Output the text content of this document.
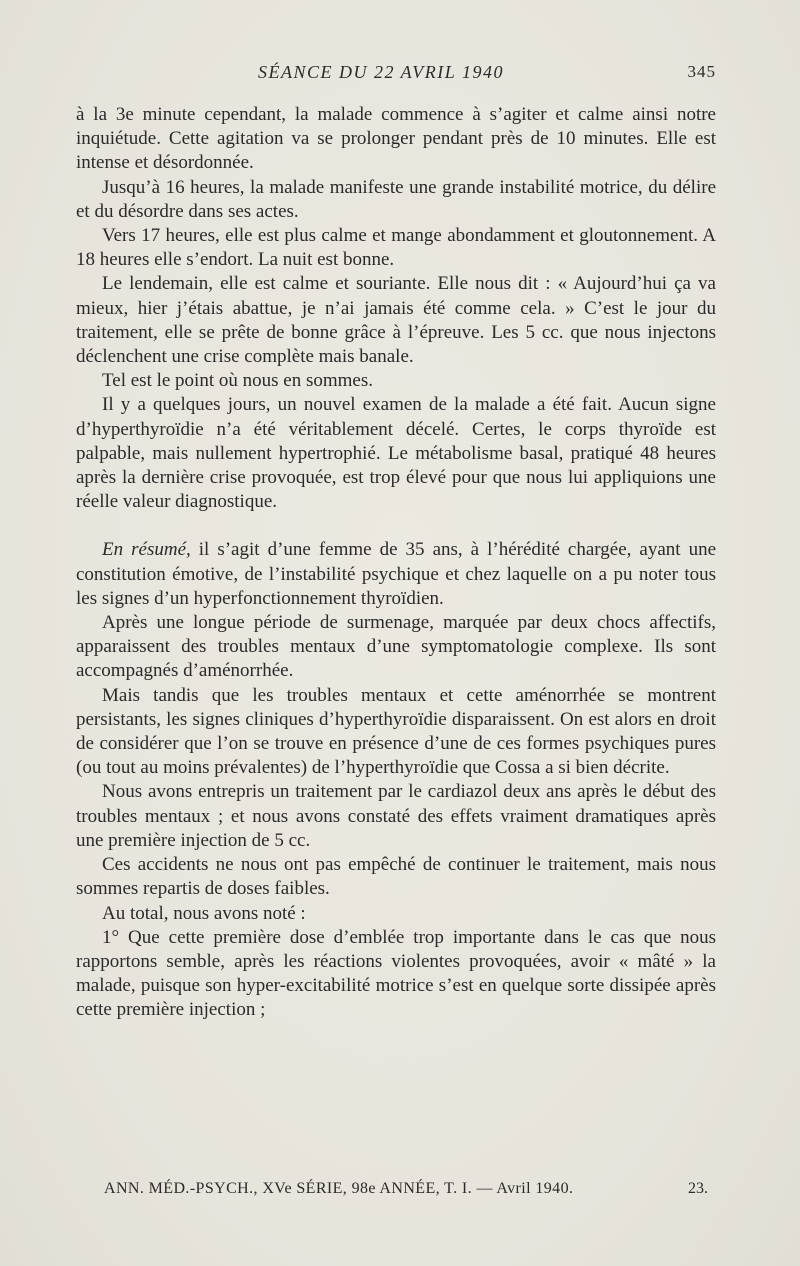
SÉANCE DU 22 AVRIL 1940	345

à la 3e minute cependant, la malade commence à s’agiter et calme ainsi notre inquiétude. Cette agitation va se prolonger pendant près de 10 minutes. Elle est intense et désordonnée.

Jusqu’à 16 heures, la malade manifeste une grande instabilité motrice, du délire et du désordre dans ses actes.

Vers 17 heures, elle est plus calme et mange abondamment et gloutonnement. A 18 heures elle s’endort. La nuit est bonne.

Le lendemain, elle est calme et souriante. Elle nous dit : « Aujourd’hui ça va mieux, hier j’étais abattue, je n’ai jamais été comme cela. » C’est le jour du traitement, elle se prête de bonne grâce à l’épreuve. Les 5 cc. que nous injectons déclenchent une crise complète mais banale.

Tel est le point où nous en sommes.

Il y a quelques jours, un nouvel examen de la malade a été fait. Aucun signe d’hyperthyroïdie n’a été véritablement décelé. Certes, le corps thyroïde est palpable, mais nullement hypertrophié. Le métabolisme basal, pratiqué 48 heures après la dernière crise provoquée, est trop élevé pour que nous lui appliquions une réelle valeur diagnostique.

En résumé, il s’agit d’une femme de 35 ans, à l’hérédité chargée, ayant une constitution émotive, de l’instabilité psychique et chez laquelle on a pu noter tous les signes d’un hyperfonctionnement thyroïdien.

Après une longue période de surmenage, marquée par deux chocs affectifs, apparaissent des troubles mentaux d’une symptomatologie complexe. Ils sont accompagnés d’aménorrhée.

Mais tandis que les troubles mentaux et cette aménorrhée se montrent persistants, les signes cliniques d’hyperthyroïdie disparaissent. On est alors en droit de considérer que l’on se trouve en présence d’une de ces formes psychiques pures (ou tout au moins prévalentes) de l’hyperthyroïdie que Cossa a si bien décrite.

Nous avons entrepris un traitement par le cardiazol deux ans après le début des troubles mentaux ; et nous avons constaté des effets vraiment dramatiques après une première injection de 5 cc.

Ces accidents ne nous ont pas empêché de continuer le traitement, mais nous sommes repartis de doses faibles.

Au total, nous avons noté :

1° Que cette première dose d’emblée trop importante dans le cas que nous rapportons semble, après les réactions violentes provoquées, avoir « mâté » la malade, puisque son hyper-excitabilité motrice s’est en quelque sorte dissipée après cette première injection ;

ANN. MÉD.-PSYCH., XVe SÉRIE, 98e ANNÉE, T. I. — Avril 1940.	23.
